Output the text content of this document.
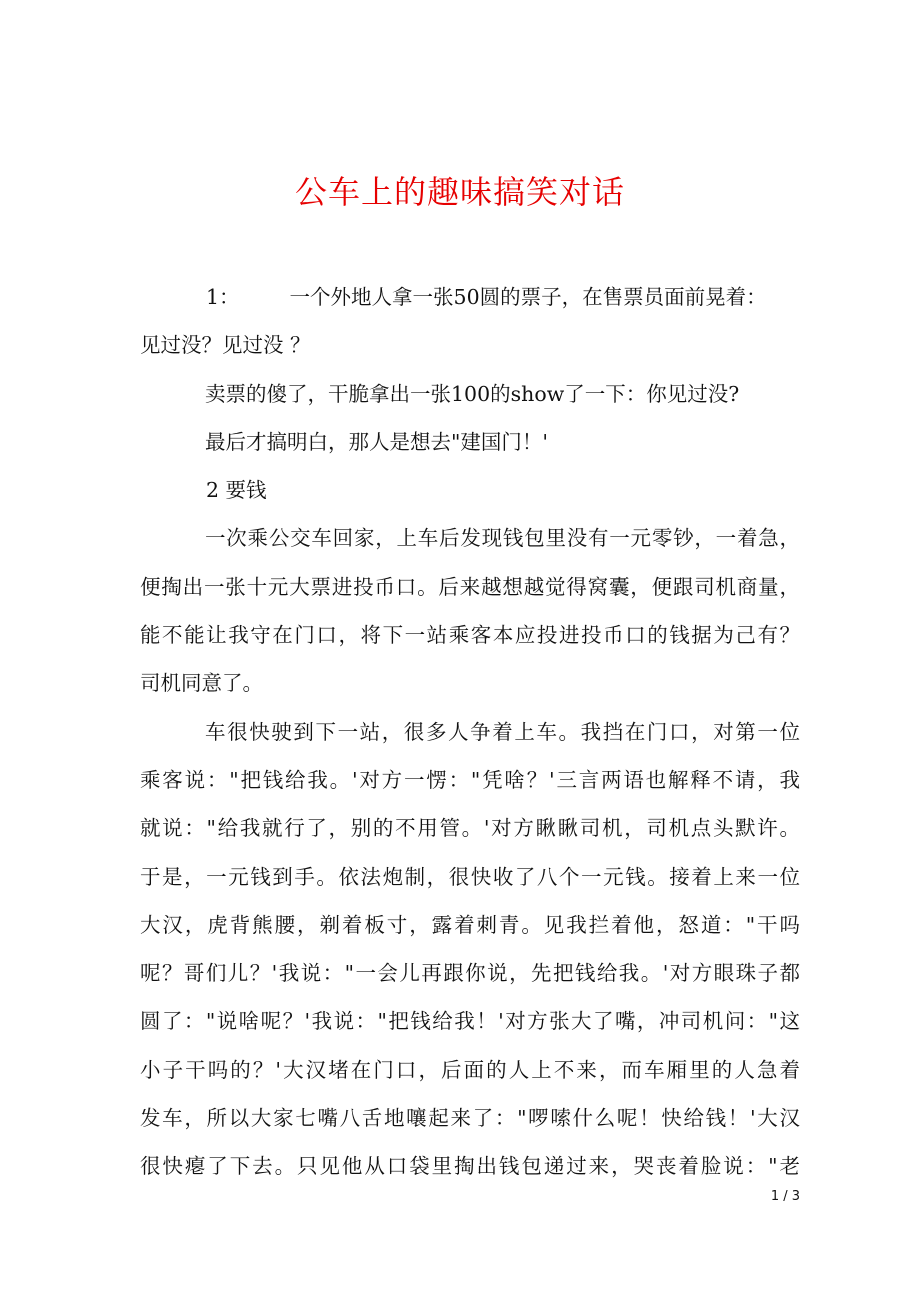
公车上的趣味搞笑对话
1： 一个外地人拿一张50圆的票子，在售票员面前晃着：
见过没？见过没 ？
卖票的傻了，干脆拿出一张100的show了一下：你见过没?
最后才搞明白，那人是想去"建国门！'
2 要钱
一次乘公交车回家，上车后发现钱包里没有一元零钞，一着急，
便掏出一张十元大票进投币口。后来越想越觉得窝囊，便跟司机商量，
能不能让我守在门口，将下一站乘客本应投进投币口的钱据为己有？
司机同意了。
车很快驶到下一站，很多人争着上车。我挡在门口，对第一位
乘客说："把钱给我。'对方一愣："凭啥？'三言两语也解释不请，我
就说："给我就行了，别的不用管。'对方瞅瞅司机，司机点头默许。
于是，一元钱到手。依法炮制，很快收了八个一元钱。接着上来一位
大汉，虎背熊腰，剃着板寸，露着刺青。见我拦着他，怒道："干吗
呢？哥们儿？'我说："一会儿再跟你说，先把钱给我。'对方眼珠子都
圆了："说啥呢？'我说："把钱给我！'对方张大了嘴，冲司机问："这
小子干吗的？'大汉堵在门口，后面的人上不来，而车厢里的人急着
发车，所以大家七嘴八舌地嚷起来了："啰嗦什么呢！快给钱！'大汉
很快瘪了下去。只见他从口袋里掏出钱包递过来，哭丧着脸说："老
1 / 3
